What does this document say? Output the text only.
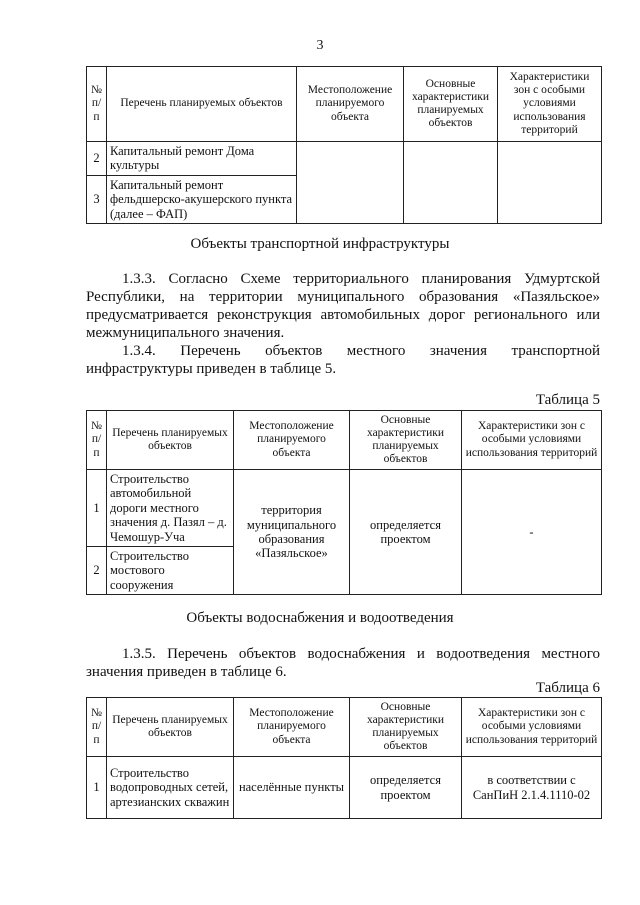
3
№ п/п	Перечень планируемых объектов	Местоположение планируемого объекта	Основные характеристики планируемых объектов	Характеристики зон с особыми условиями использования территорий
2	Капитальный ремонт Дома культуры			
3	Капитальный ремонт фельдшерско-акушерского пункта (далее – ФАП)			
Объекты транспортной инфраструктуры
1.3.3. Согласно Схеме территориального планирования Удмуртской Республики, на территории муниципального образования «Пазяльское» предусматривается реконструкция автомобильных дорог регионального или межмуниципального значения.
1.3.4. Перечень объектов местного значения транспортной инфраструктуры приведен в таблице 5.
Таблица 5
№ п/п	Перечень планируемых объектов	Местоположение планируемого объекта	Основные характеристики планируемых объектов	Характеристики зон с особыми условиями использования территорий
1	Строительство автомобильной дороги местного значения д. Пазял – д. Чемошур-Уча	территория муниципального образования «Пазяльское»	определяется проектом	-
2	Строительство мостового сооружения			
Объекты водоснабжения и водоотведения
1.3.5. Перечень объектов водоснабжения и водоотведения местного значения приведен в таблице 6.
Таблица 6
№ п/п	Перечень планируемых объектов	Местоположение планируемого объекта	Основные характеристики планируемых объектов	Характеристики зон с особыми условиями использования территорий
1	Строительство водопроводных сетей, артезианских скважин	населённые пункты	определяется проектом	в соответствии с СанПиН 2.1.4.1110-02
